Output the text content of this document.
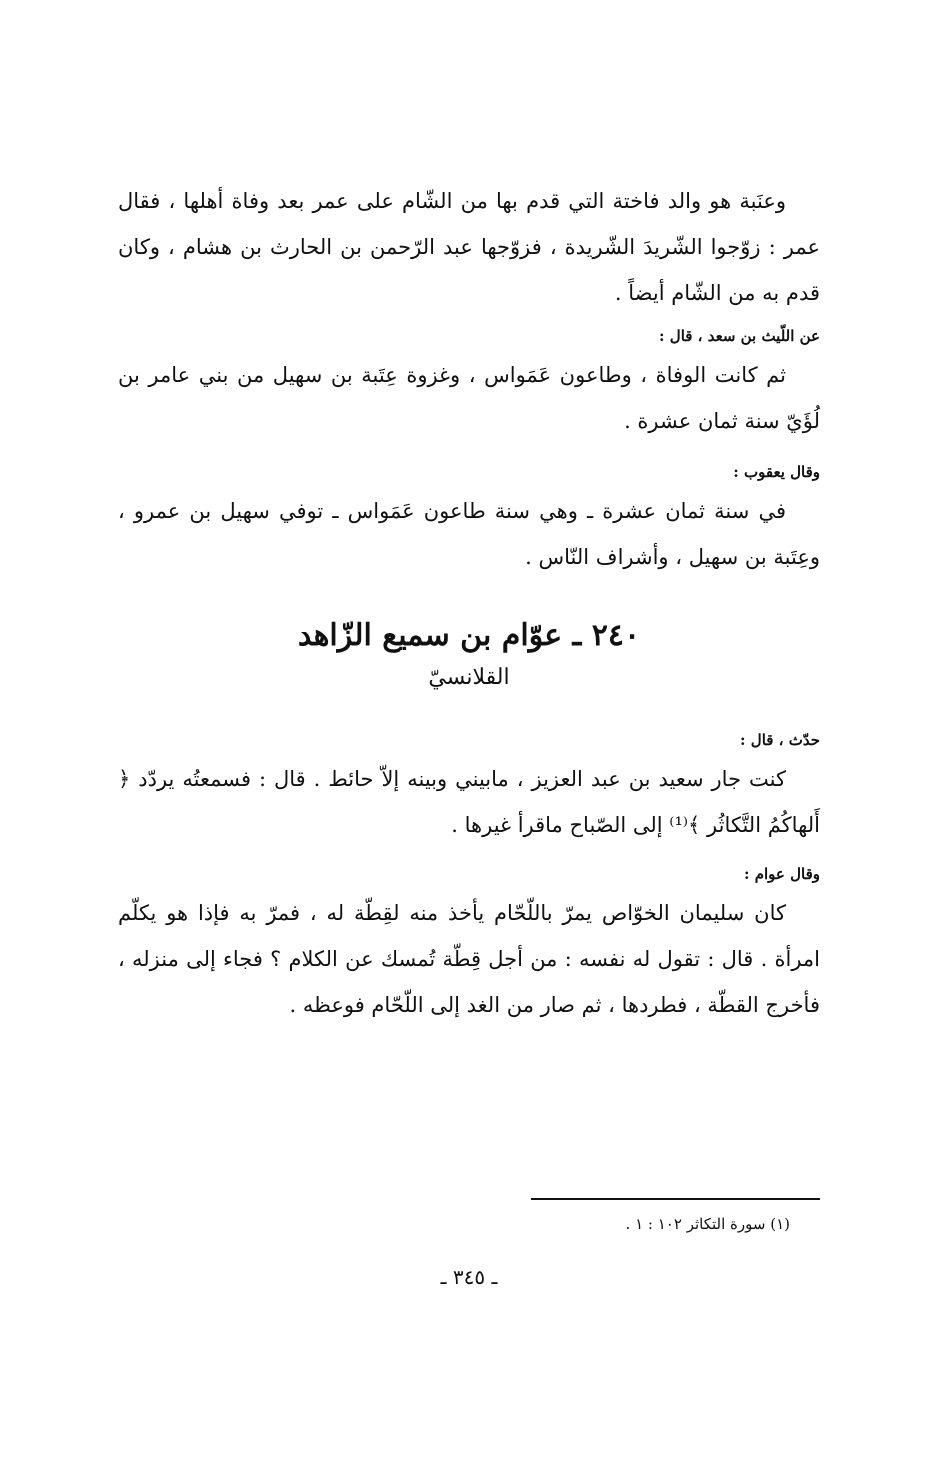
وعنَبة هو والد فاختة التي قدم بها من الشّام على عمر بعد وفاة أهلها ، فقال عمر : زوّجوا الشّريدَ الشّريدة ، فزوّجها عبد الرّحمن بن الحارث بن هشام ، وكان قدم به من الشّام أيضاً .

عن اللّيث بن سعد ، قال :

ثم كانت الوفاة ، وطاعون عَمَواس ، وغزوة عِتَبة بن سهيل من بني عامر بن لُؤَيّ سنة ثمان عشرة .

وقال يعقوب :

في سنة ثمان عشرة ـ وهي سنة طاعون عَمَواس ـ توفي سهيل بن عمرو ، وعِتَبة بن سهيل ، وأشراف النّاس .

٢٤٠ ـ عوّام بن سميع الزّاهد
القلانسيّ

حدّث ، قال :

كنت جار سعيد بن عبد العزيز ، مابيني وبينه إلاّ حائط . قال : فسمعتُه يردّد ﴿ أَلهاكُمُ التَّكاثُر ﴾⁽¹⁾ إلى الصّباح ماقرأ غيرها .

وقال عوام :

كان سليمان الخوّاص يمرّ باللّحّام يأخذ منه لقِطّة له ، فمرّ به فإذا هو يكلّم امرأة . قال : تقول له نفسه : من أجل قِطّة تُمسك عن الكلام ؟ فجاء إلى منزله ، فأخرج القطّة ، فطردها ، ثم صار من الغد إلى اللّحّام فوعظه .

(١) سورة التكاثر ١٠٢ : ١ .
ـ ٣٤٥ ـ
